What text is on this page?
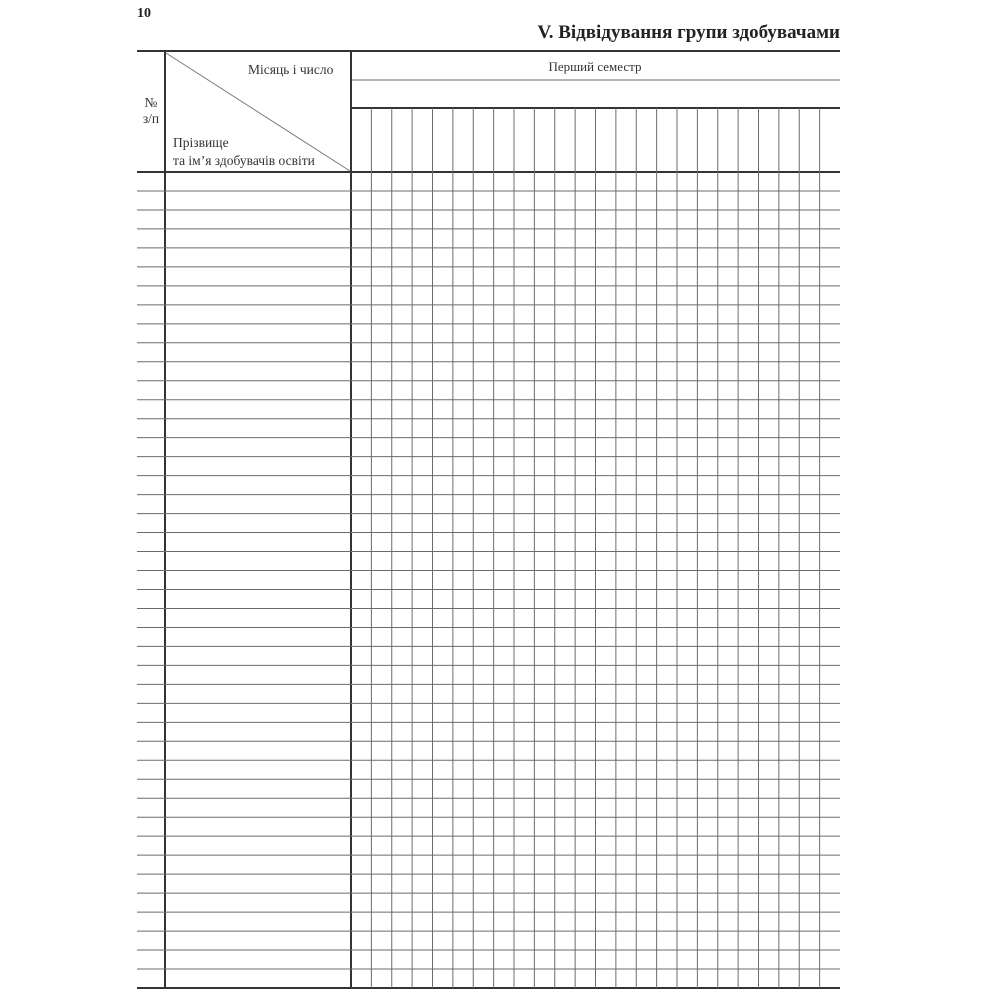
10
V. Відвідування групи здобувачами
№
з/п
Місяць і число
Прізвище
та ім’я здобувачів освіти
Перший семестр
